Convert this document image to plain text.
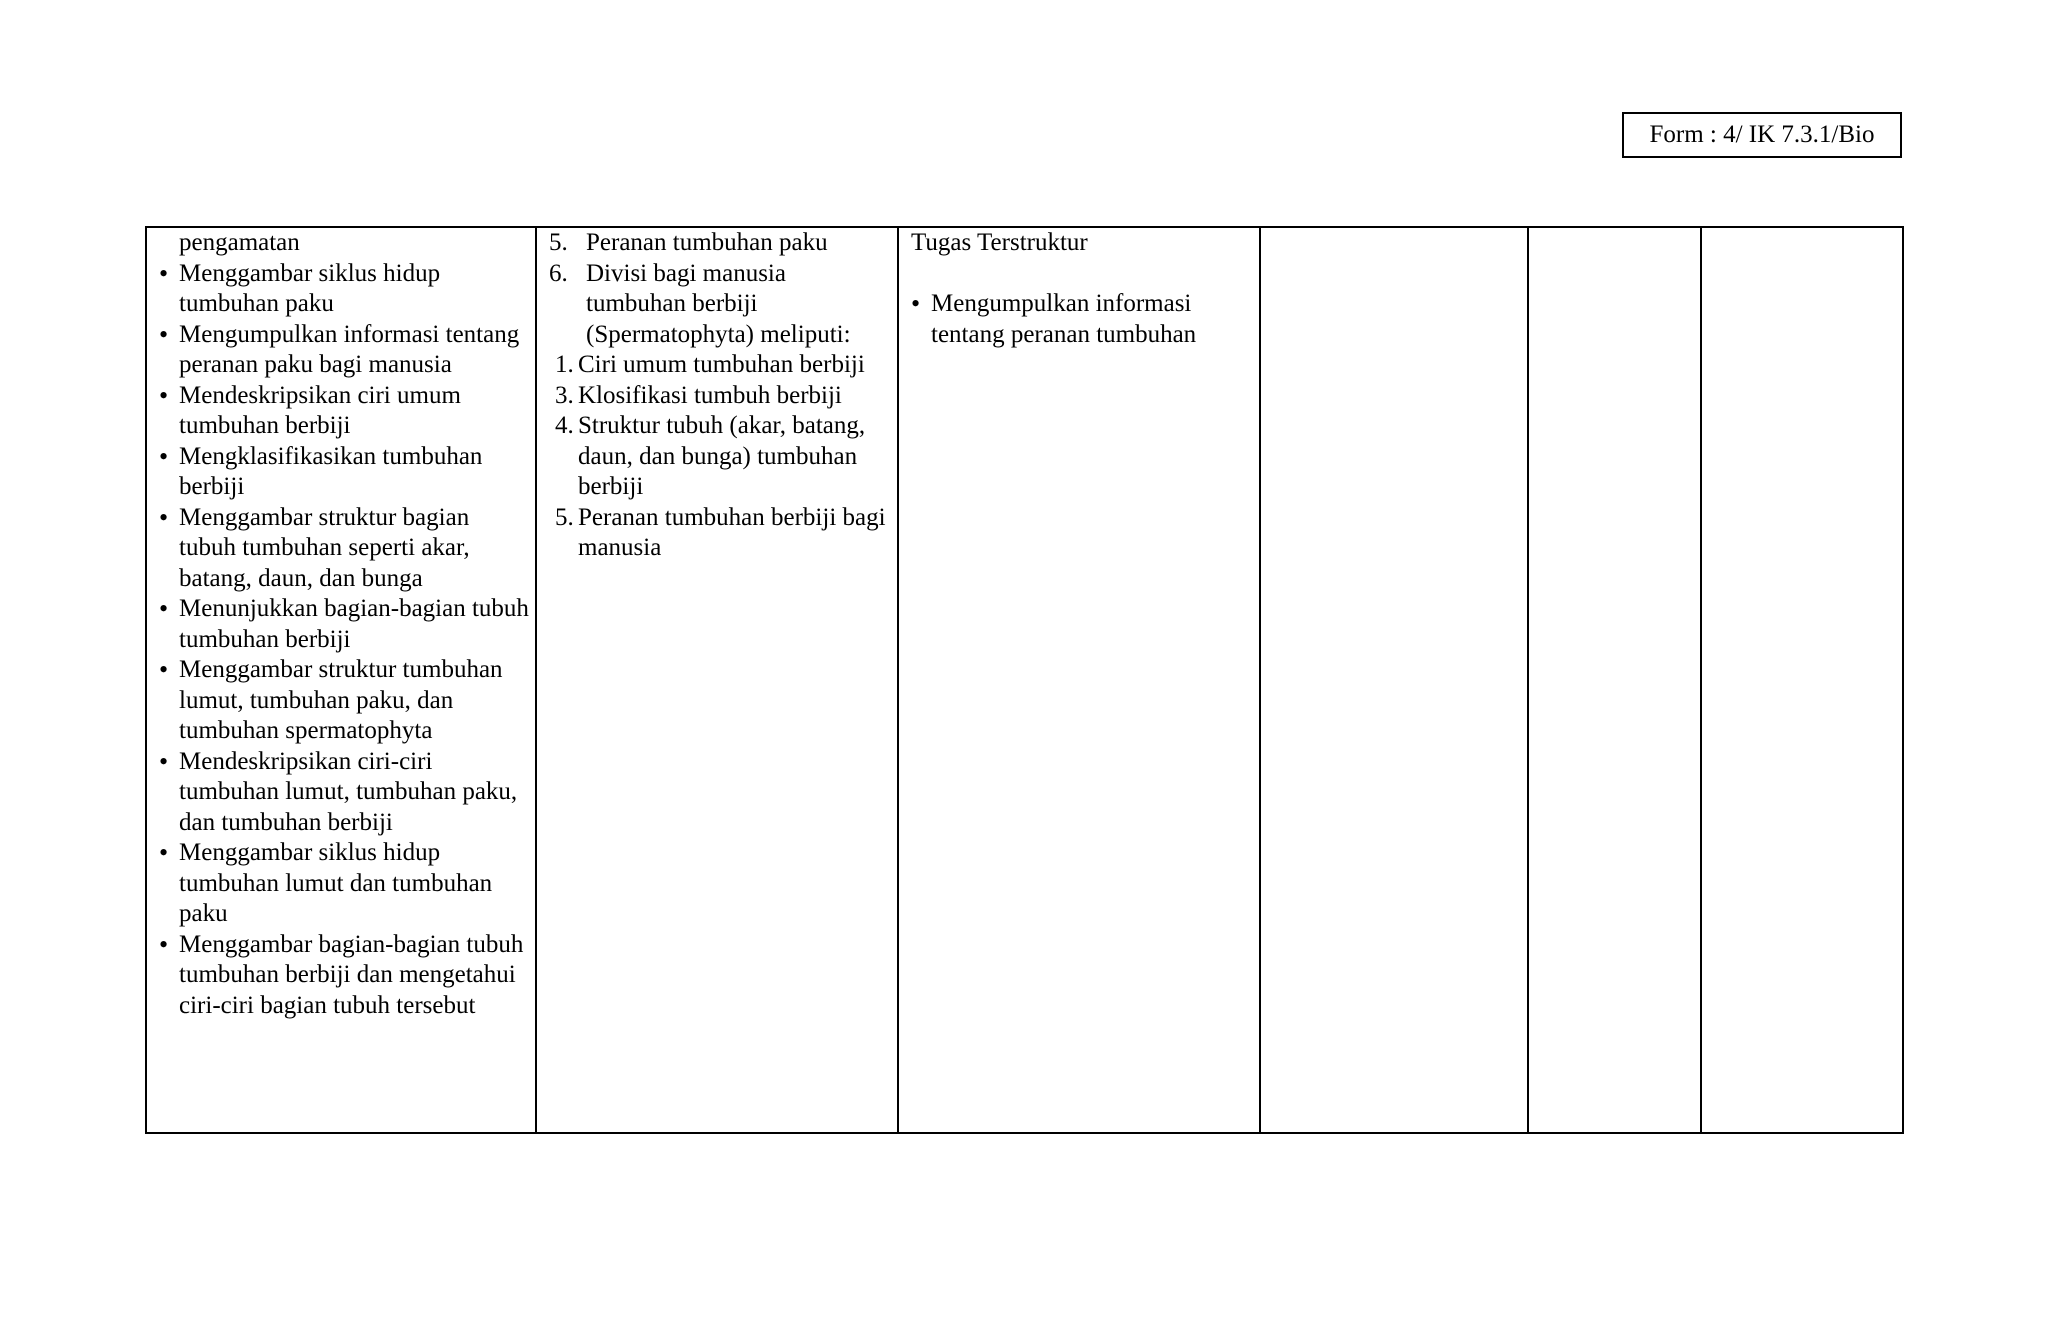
Form : 4/ IK 7.3.1/Bio
pengamatan
• Menggambar siklus hidup tumbuhan paku
• Mengumpulkan informasi tentang peranan paku bagi manusia
• Mendeskripsikan ciri umum tumbuhan berbiji
• Mengklasifikasikan tumbuhan berbiji
• Menggambar struktur bagian tubuh tumbuhan seperti akar, batang, daun, dan bunga
• Menunjukkan bagian-bagian tubuh tumbuhan berbiji
• Menggambar struktur tumbuhan lumut, tumbuhan paku, dan tumbuhan spermatophyta
• Mendeskripsikan ciri-ciri tumbuhan lumut, tumbuhan paku, dan tumbuhan berbiji
• Menggambar siklus hidup tumbuhan lumut dan tumbuhan paku
• Menggambar bagian-bagian tubuh tumbuhan berbiji dan mengetahui ciri-ciri bagian tubuh tersebut

5. Peranan tumbuhan paku
6. Divisi bagi manusia tumbuhan berbiji (Spermatophyta) meliputi:
1. Ciri umum tumbuhan berbiji
3. Klosifikasi tumbuh berbiji
4. Struktur tubuh (akar, batang, daun, dan bunga) tumbuhan berbiji
5. Peranan tumbuhan berbiji bagi manusia

Tugas Terstruktur
• Mengumpulkan informasi tentang peranan tumbuhan
